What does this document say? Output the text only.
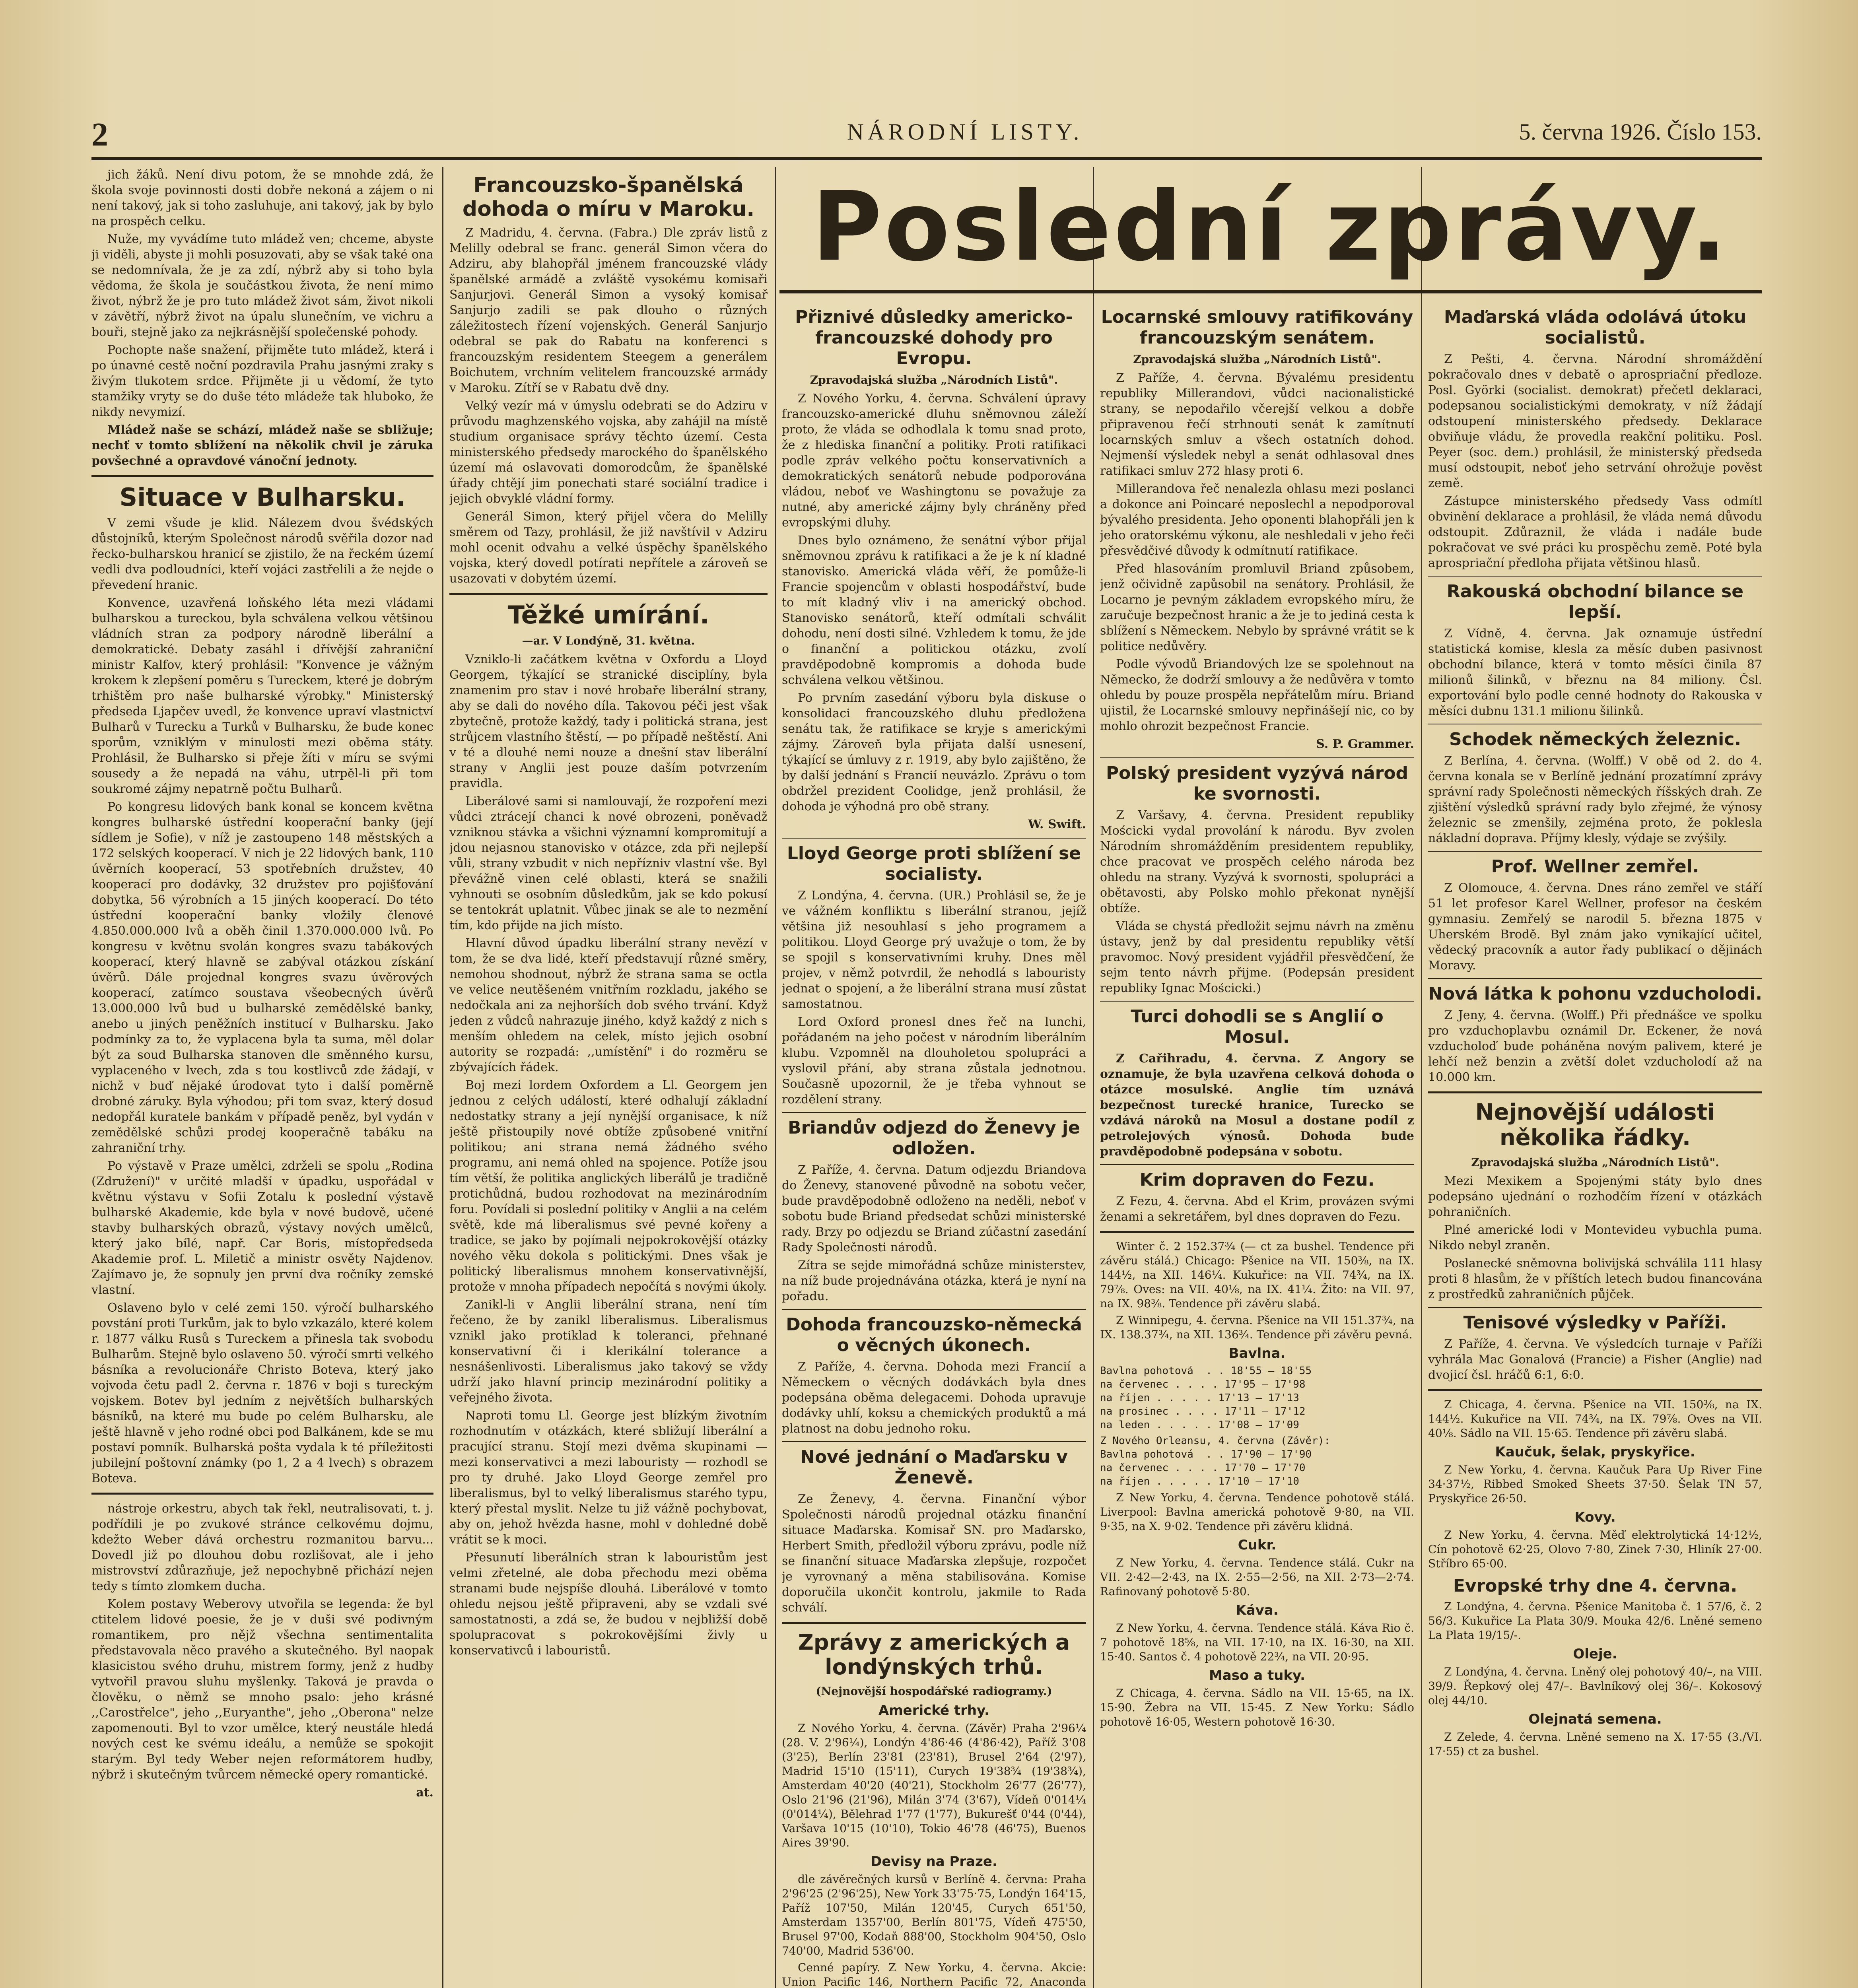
2	NÁRODNÍ LISTY.	5. června 1926. Číslo 153.

jich žáků. Není divu potom, že se mnohde zdá, že škola svoje povinnosti dosti dobře nekoná a zájem o ni není takový, jak si toho zasluhuje, ani takový, jak by bylo na prospěch celku.

Nuže, my vyvádíme tuto mládež ven; chceme, abyste ji viděli, abyste ji mohli posuzovati, aby se však také ona se nedomnívala, že je za zdí, nýbrž aby si toho byla vědoma, že škola je součástkou života, že není mimo život, nýbrž že je pro tuto mládež život sám, život nikoli v závětří, nýbrž život na úpalu slunečním, ve vichru a bouři, stejně jako za nejkrásnější společenské pohody.

Pochopte naše snažení, přijměte tuto mládež, která i po únavné cestě noční pozdravila Prahu jasnými zraky s živým tlukotem srdce. Přijměte ji u vědomí, že tyto stamžiky vryty se do duše této mládeže tak hluboko, že nikdy nevymizí.

Mládež naše se schází, mládež naše se sbližuje; nechť v tomto sblížení na několik chvil je záruka povšechné a opravdové vánoční jednoty.

Situace v Bulharsku.

V zemi všude je klid. Nálezem dvou švédských důstojníků, kterým Společnost národů svěřila dozor nad řecko-bulharskou hranicí se zjistilo, že na řeckém území vedli dva podloudníci, kteří vojáci zastřelili a že nejde o převedení hranic.

Konvence, uzavřená loňského léta mezi vládami bulharskou a tureckou, byla schválena velkou většinou vládních stran za podpory národně liberální a demokratické. Debaty zasáhl i dřívější zahraniční ministr Kalfov, který prohlásil: "Konvence je vážným krokem k zlepšení poměru s Tureckem, které je dobrým trhištěm pro naše bulharské výrobky." Ministerský předseda Ljapčev uvedl, že konvence upraví vlastnictví Bulharů v Turecku a Turků v Bulharsku, že bude konec sporům, vzniklým v minulosti mezi oběma státy. Prohlásil, že Bulharsko si přeje žíti v míru se svými sousedy a že nepadá na váhu, utrpěl-li při tom soukromé zájmy nepatrně počtu Bulharů.

Po kongresu lidových bank konal se koncem května kongres bulharské ústřední kooperační banky (její sídlem je Sofie), v níž je zastoupeno 148 městských a 172 selských kooperací. V nich je 22 lidových bank, 110 úvěrních kooperací, 53 spotřebních družstev, 40 kooperací pro dodávky, 32 družstev pro pojišťování dobytka, 56 výrobních a 15 jiných kooperací. Do této ústřední kooperační banky vložily členové 4.850.000.000 lvů a oběh činil 1.370.000.000 lvů. Po kongresu v květnu svolán kongres svazu tabákových kooperací, který hlavně se zabýval otázkou získání úvěrů. Dále projednal kongres svazu úvěrových kooperací, zatímco soustava všeobecných úvěrů 13.000.000 lvů bud u bulharské zemědělské banky, anebo u jiných peněžních institucí v Bulharsku. Jako podmínky za to, že vyplacena byla ta suma, měl dolar být za soud Bulharska stanoven dle směnného kursu, vyplaceného v lvech, zda s tou kostlivců zde žádají, v nichž v buď nějaké úrodovat tyto i další poměrně drobné záruky. Byla výhodou; při tom svaz, který dosud nedopřál kuratele bankám v případě peněz, byl vydán v zemědělské schůzi prodej kooperačně tabáku na zahraniční trhy.

Po výstavě v Praze umělci, zdrželi se spolu „Rodina (Združení)" v určité mladší v úpadku, uspořádal v květnu výstavu v Sofii Zotalu k poslední výstavě bulharské Akademie, kde byla v nové budově, učené stavby bulharských obrazů, výstavy nových umělců, který jako bílé, např. Car Boris, místopředseda Akademie prof. L. Miletič a ministr osvěty Najdenov. Zajímavo je, že sopnuly jen první dva ročníky zemské vlastní.

Oslaveno bylo v celé zemi 150. výročí bulharského povstání proti Turkům, jak to bylo vzkazálo, které kolem r. 1877 válku Rusů s Tureckem a přinesla tak svobodu Bulharům. Stejně bylo oslaveno 50. výročí smrti velkého básníka a revolucionáře Christo Boteva, který jako vojvoda četu padl 2. června r. 1876 v boji s tureckým vojskem. Botev byl jedním z největších bulharských básníků, na které mu bude po celém Bulharsku, ale ještě hlavně v jeho rodné obci pod Balkánem, kde se mu postaví pomník. Bulharská pošta vydala k té příležitosti jubilejní poštovní známky (po 1, 2 a 4 lvech) s obrazem Boteva.

nástroje orkestru, abych tak řekl, neutralisovati, t. j. podřídili je po zvukové stránce celkovému dojmu, kdežto Weber dává orchestru rozmanitou barvu... Dovedl již po dlouhou dobu rozlišovat, ale i jeho mistrovství zdůrazňuje, jež nepochybně přichází nejen tedy s tímto zlomkem ducha.

Kolem postavy Weberovy utvořila se legenda: že byl ctitelem lidové poesie, že je v duši své podivným romantikem, pro nějž všechna sentimentalita představovala něco pravého a skutečného. Byl naopak klasicistou svého druhu, mistrem formy, jenž z hudby vytvořil pravou sluhu myšlenky. Taková je pravda o člověku, o němž se mnoho psalo: jeho krásné ,,Carostřelce", jeho ,,Euryanthe", jeho ,,Oberona" nelze zapomenouti. Byl to vzor umělce, který neustále hledá nových cest ke svému ideálu, a nemůže se spokojit starým. Byl tedy Weber nejen reformátorem hudby, nýbrž i skutečným tvůrcem německé opery romantické.

at.
Francouzsko-španělská dohoda o míru v Maroku.

Z Madridu, 4. června. (Fabra.) Dle zpráv listů z Melilly odebral se franc. generál Simon včera do Adziru, aby blahopřál jménem francouzské vlády španělské armádě a zvláště vysokému komisaři Sanjurjovi. Generál Simon a vysoký komisař Sanjurjo zadili se pak dlouho o různých záležitostech řízení vojenských. Generál Sanjurjo odebral se pak do Rabatu na konferenci s francouzským residentem Steegem a generálem Boichutem, vrchním velitelem francouzské armády v Maroku. Zítří se v Rabatu dvě dny.

Velký vezír má v úmyslu odebrati se do Adziru v průvodu maghzenského vojska, aby zahájil na místě studium organisace správy těchto území. Cesta ministerského předsedy marockého do španělského území má oslavovati domorodcům, že španělské úřady chtějí jim ponechati staré sociální tradice i jejich obvyklé vládní formy.

Generál Simon, který přijel včera do Melilly směrem od Tazy, prohlásil, že již navštívil v Adziru mohl ocenit odvahu a velké úspěchy španělského vojska, který dovedl potírati nepřítele a zároveň se usazovati v dobytém území.

Těžké umírání.
—ar. V Londýně, 31. května.

Vzniklo-li začátkem května v Oxfordu a Lloyd Georgem, týkající se stranické disciplíny, byla znamenim pro stav i nové hrobaře liberální strany, aby se dali do nového díla. Takovou péči jest však zbytečně, protože každý, tady i politická strana, jest strůjcem vlastního štěstí, — po případě neštěstí. Ani v té a dlouhé nemi nouze a dnešní stav liberální strany v Anglii jest pouze daším potvrzením pravidla.

Liberálové sami si namlouvají, že rozpoření mezi vůdci ztrácejí chanci k nové obrozeni, poněvadž vzniknou stávka a všichni významní kompromitují a jdou nejasnou stanovisko v otázce, zda při nejlepší vůli, strany vzbudit v nich nepřízniv vlastní vše. Byl převážně vinen celé oblasti, která se snažili vyhnouti se osobním důsledkům, jak se kdo pokusí se tentokrát uplatnit. Vůbec jinak se ale to nezmění tím, kdo přijde na jich místo.

Hlavní důvod úpadku liberální strany nevězí v tom, že se dva lidé, kteří představují různé směry, nemohou shodnout, nýbrž že strana sama se octla ve velice neutěšeném vnitřním rozkladu, jakého se nedočkala ani za nejhorších dob svého trvání. Když jeden z vůdců nahrazuje jiného, když každý z nich s menším ohledem na celek, místo jejich osobní autority se rozpadá: ,,umístění" i do rozměru se zbývajících řádek.

Boj mezi lordem Oxfordem a Ll. Georgem jen jednou z celých událostí, které odhalují základní nedostatky strany a její nynější organisace, k níž ještě přistoupily nové obtíže způsobené vnitřní politikou; ani strana nemá žádného svého programu, ani nemá ohled na spojence. Potíže jsou tím větší, že politika anglických liberálů je tradičně protichůdná, budou rozhodovat na mezinárodním foru. Povídali si poslední politiky v Anglii a na celém světě, kde má liberalismus své pevné kořeny a tradice, se jako by pojímali nejpokrokovější otázky nového věku dokola s politickými. Dnes však je politický liberalismus mnohem konservativnější, protože v mnoha případech nepočítá s novými úkoly.

Zanikl-li v Anglii liberální strana, není tím řečeno, že by zanikl liberalismus. Liberalismus vznikl jako protiklad k toleranci, přehnané konservativní či i klerikální tolerance a nesnášenlivosti. Liberalismus jako takový se vždy udrží jako hlavní princip mezinárodní politiky a veřejného života.

Naproti tomu Ll. George jest blízkým životním rozhodnutím v otázkách, které sbližují liberální a pracující stranu. Stojí mezi dvěma skupinami — mezi konservativci a mezi labouristy — rozhodl se pro ty druhé. Jako Lloyd George zemřel pro liberalismus, byl to velký liberalismus starého typu, který přestal myslit. Nelze tu již vážně pochybovat, aby on, jehož hvězda hasne, mohl v dohledné době vrátit se k moci.

Přesunutí liberálních stran k labouristům jest velmi zřetelné, ale doba přechodu mezi oběma stranami bude nejspíše dlouhá. Liberálové v tomto ohledu nejsou ještě připraveni, aby se vzdali své samostatnosti, a zdá se, že budou v nejbližší době spolupracovat s pokrokovějšími živly u konservativců i labouristů.

Poslední zprávy.
Přiznivé důsledky americko-francouzské dohody pro Evropu.
Zpravodajská služba „Národních Listů".

Z Nového Yorku, 4. června. Schválení úpravy francouzsko-americké dluhu sněmovnou záleží proto, že vláda se odhodlala k tomu snad proto, že z hlediska finanční a politiky. Proti ratifikaci podle zpráv velkého počtu konservativních a demokratických senátorů nebude podporována vládou, neboť ve Washingtonu se považuje za nutné, aby americké zájmy byly chráněny před evropskými dluhy.

Dnes bylo oznámeno, že senátní výbor přijal sněmovnou zprávu k ratifikaci a že je k ní kladné stanovisko. Americká vláda věří, že pomůže-li Francie spojencům v oblasti hospodářství, bude to mít kladný vliv i na americký obchod. Stanovisko senátorů, kteří odmítali schválit dohodu, není dosti silné. Vzhledem k tomu, že jde o finanční a politickou otázku, zvolí pravděpodobně kompromis a dohoda bude schválena velkou většinou.

Po prvním zasedání výboru byla diskuse o konsolidaci francouzského dluhu předložena senátu tak, že ratifikace se kryje s americkými zájmy. Zároveň byla přijata další usnesení, týkající se úmluvy z r. 1919, aby bylo zajištěno, že by další jednání s Francií neuvázlo. Zprávu o tom obdržel prezident Coolidge, jenž prohlásil, že dohoda je výhodná pro obě strany.

W. Swift.
Lloyd George proti sblížení se socialisty.

Z Londýna, 4. června. (UR.) Prohlásil se, že je ve vážném konfliktu s liberální stranou, jejíž většina již nesouhlasí s jeho programem a politikou. Lloyd George prý uvažuje o tom, že by se spojil s konservativními kruhy. Dnes měl projev, v němž potvrdil, že nehodlá s labouristy jednat o spojení, a že liberální strana musí zůstat samostatnou.

Lord Oxford pronesl dnes řeč na lunchi, pořádaném na jeho počest v národním liberálním klubu. Vzpomněl na dlouholetou spolupráci a vyslovil přání, aby strana zůstala jednotnou. Současně upozornil, že je třeba vyhnout se rozdělení strany.

Briandův odjezd do Ženevy je odložen.

Z Paříže, 4. června. Datum odjezdu Briandova do Ženevy, stanovené původně na sobotu večer, bude pravděpodobně odloženo na neděli, neboť v sobotu bude Briand předsedat schůzi ministerské rady. Brzy po odjezdu se Briand zúčastní zasedání Rady Společnosti národů.

Zítra se sejde mimořádná schůze ministerstev, na níž bude projednávána otázka, která je nyní na pořadu.

Dohoda francouzsko-německá o věcných úkonech.

Z Paříže, 4. června. Dohoda mezi Francií a Německem o věcných dodávkách byla dnes podepsána oběma delegacemi. Dohoda upravuje dodávky uhlí, koksu a chemických produktů a má platnost na dobu jednoho roku.

Nové jednání o Maďarsku v Ženevě.

Ze Ženevy, 4. června. Finanční výbor Společnosti národů projednal otázku finanční situace Maďarska. Komisař SN. pro Maďarsko, Herbert Smith, předložil výboru zprávu, podle níž se finanční situace Maďarska zlepšuje, rozpočet je vyrovnaný a měna stabilisována. Komise doporučila ukončit kontrolu, jakmile to Rada schválí.

Zprávy z amerických a londýnských trhů.
(Nejnovější hospodářské radiogramy.)
Americké trhy.

Z Nového Yorku, 4. června. (Závěr) Praha 2'96¼ (28. V. 2'96¼), Londýn 4'86·46 (4'86·42), Paříž 3'08 (3'25), Berlín 23'81 (23'81), Brusel 2'64 (2'97), Madrid 15'10 (15'11), Curych 19'38¾ (19'38¾), Amsterdam 40'20 (40'21), Stockholm 26'77 (26'77), Oslo 21'96 (21'96), Milán 3'74 (3'67), Vídeň 0'014¼ (0'014¼), Bělehrad 1'77 (1'77), Bukurešť 0'44 (0'44), Varšava 10'15 (10'10), Tokio 46'78 (46'75), Buenos Aires 39'90.

Devisy na Praze.

dle závěrečných kursů v Berlíně 4. června: Praha 2'96'25 (2'96'25), New York 33'75·75, Londýn 164'15, Paříž 107'50, Milán 120'45, Curych 651'50, Amsterdam 1357'00, Berlín 801'75, Vídeň 475'50, Brusel 97'00, Kodaň 888'00, Stockholm 904'50, Oslo 740'00, Madrid 536'00.

Cenné papíry. Z New Yorku, 4. června. Akcie: Union Pacific 146, Northern Pacific 72, Anaconda

Locarnské smlouvy ratifikovány francouzským senátem.
Zpravodajská služba „Národních Listů".

Z Paříže, 4. června. Bývalému presidentu republiky Millerandovi, vůdci nacionalistické strany, se nepodařilo včerejší velkou a dobře připravenou řečí strhnouti senát k zamítnutí locarnských smluv a všech ostatních dohod. Nejmenší výsledek nebyl a senát odhlasoval dnes ratifikaci smluv 272 hlasy proti 6.

Millerandova řeč nenalezla ohlasu mezi poslanci a dokonce ani Poincaré neposlechl a nepodporoval bývalého presidenta. Jeho oponenti blahopřáli jen k jeho oratorskému výkonu, ale neshledali v jeho řeči přesvědčivé důvody k odmítnutí ratifikace.

Před hlasováním promluvil Briand způsobem, jenž očividně zapůsobil na senátory. Prohlásil, že Locarno je pevným základem evropského míru, že zaručuje bezpečnost hranic a že je to jediná cesta k sblížení s Německem. Nebylo by správné vrátit se k politice nedůvěry.

Podle vývodů Briandových lze se spolehnout na Německo, že dodrží smlouvy a že nedůvěra v tomto ohledu by pouze prospěla nepřátelům míru. Briand ujistil, že Locarnské smlouvy nepřinášejí nic, co by mohlo ohrozit bezpečnost Francie.

S. P. Grammer.
Polský president vyzývá národ ke svornosti.

Z Varšavy, 4. června. President republiky Mościcki vydal provolání k národu. Byv zvolen Národním shromážděním presidentem republiky, chce pracovat ve prospěch celého národa bez ohledu na strany. Vyzývá k svornosti, spolupráci a obětavosti, aby Polsko mohlo překonat nynější obtíže.

Vláda se chystá předložit sejmu návrh na změnu ústavy, jenž by dal presidentu republiky větší pravomoc. Nový president vyjádřil přesvědčení, že sejm tento návrh přijme. (Podepsán president republiky Ignac Mościcki.)

Turci dohodli se s Anglií o Mosul.

Z Cařihradu, 4. června. Z Angory se oznamuje, že byla uzavřena celková dohoda o otázce mosulské. Anglie tím uznává bezpečnost turecké hranice, Turecko se vzdává nároků na Mosul a dostane podíl z petrolejových výnosů. Dohoda bude pravděpodobně podepsána v sobotu.

Krim dopraven do Fezu.

Z Fezu, 4. června. Abd el Krim, provázen svými ženami a sekretářem, byl dnes dopraven do Fezu.

Winter č. 2 152.37¾ (— ct za bushel. Tendence při závěru stálá.) Chicago: Pšenice na VII. 150⅜, na IX. 144½, na XII. 146¼. Kukuřice: na VII. 74¾, na IX. 79⅞. Oves: na VII. 40⅛, na IX. 41¼. Žito: na VII. 97, na IX. 98⅜. Tendence při závěru slabá.

Z Winnipegu, 4. června. Pšenice na VII 151.37¾, na IX. 138.37¾, na XII. 136¾. Tendence při závěru pevná.

Bavlna.
Bavlna pohotová  . . 18'55 — 18'55
na červenec . . . . 17'95 — 17'98
na říjen . . . . . 17'13 — 17'13
na prosinec . . . . 17'11 — 17'12
na leden . . . . . 17'08 — 17'09
Z Nového Orleansu, 4. června (Závěr):
Bavlna pohotová  . . 17'90 — 17'90
na červenec . . . . 17'70 — 17'70
na říjen . . . . . 17'10 — 17'10

Z New Yorku, 4. června. Tendence pohotově stálá. Liverpool: Bavlna americká pohotově 9·80, na VII. 9·35, na X. 9·02. Tendence při závěru klidná.

Cukr.

Z New Yorku, 4. června. Tendence stálá. Cukr na VII. 2·42—2·43, na IX. 2·55—2·56, na XII. 2·73—2·74. Rafinovaný pohotově 5·80.

Káva.

Z New Yorku, 4. června. Tendence stálá. Káva Rio č. 7 pohotově 18⅝, na VII. 17·10, na IX. 16·30, na XII. 15·40. Santos č. 4 pohotově 22¾, na VII. 20·95.

Maso a tuky.

Z Chicaga, 4. června. Sádlo na VII. 15·65, na IX. 15·90. Žebra na VII. 15·45. Z New Yorku: Sádlo pohotově 16·05, Western pohotově 16·30.

Maďarská vláda odolává útoku socialistů.

Z Pešti, 4. června. Národní shromáždění pokračovalo dnes v debatě o aprospriační předloze. Posl. Györki (socialist. demokrat) přečetl deklaraci, podepsanou socialistickými demokraty, v níž žádají odstoupení ministerského předsedy. Deklarace obviňuje vládu, že provedla reakční politiku. Posl. Peyer (soc. dem.) prohlásil, že ministerský předseda musí odstoupit, neboť jeho setrvání ohrožuje pověst země.

Zástupce ministerského předsedy Vass odmítl obvinění deklarace a prohlásil, že vláda nemá důvodu odstoupit. Zdůraznil, že vláda i nadále bude pokračovat ve své práci ku prospěchu země. Poté byla aprospriační předloha přijata většinou hlasů.

Rakouská obchodní bilance se lepší.

Z Vídně, 4. června. Jak oznamuje ústřední statistická komise, klesla za měsíc duben pasivnost obchodní bilance, která v tomto měsíci činila 87 milionů šilinků, v březnu na 84 miliony. Čsl. exportování bylo podle cenné hodnoty do Rakouska v měsíci dubnu 131.1 milionu šilinků.

Schodek německých železnic.

Z Berlína, 4. června. (Wolff.) V obě od 2. do 4. června konala se v Berlíně jednání prozatímní zprávy správní rady Společnosti německých říšských drah. Ze zjištění výsledků správní rady bylo zřejmé, že výnosy železnic se zmenšily, zejména proto, že poklesla nákladní doprava. Příjmy klesly, výdaje se zvýšily.

Prof. Wellner zemřel.

Z Olomouce, 4. června. Dnes ráno zemřel ve stáří 51 let profesor Karel Wellner, profesor na českém gymnasiu. Zemřelý se narodil 5. března 1875 v Uherském Brodě. Byl znám jako vynikající učitel, vědecký pracovník a autor řady publikací o dějinách Moravy.

Nová látka k pohonu vzducholodi.

Z Jeny, 4. června. (Wolff.) Při přednášce ve spolku pro vzduchoplavbu oznámil Dr. Eckener, že nová vzducholoď bude poháněna novým palivem, které je lehčí než benzin a zvětší dolet vzducholodí až na 10.000 km.

Nejnovější události několika řádky.
Zpravodajská služba „Národních Listů".

Mezi Mexikem a Spojenými státy bylo dnes podepsáno ujednání o rozhodčím řízení v otázkách pohraničních.

Plné americké lodi v Montevideu vybuchla puma. Nikdo nebyl zraněn.

Poslanecké sněmovna bolivijská schválila 111 hlasy proti 8 hlasům, že v příštích letech budou financována z prostředků zahraničních půjček.

Tenisové výsledky v Paříži.

Z Paříže, 4. června. Ve výsledcích turnaje v Paříži vyhrála Mac Gonalová (Francie) a Fisher (Anglie) nad dvojicí čsl. hráčů 6:1, 6:0.

Z Chicaga, 4. června. Pšenice na VII. 150⅜, na IX. 144½. Kukuřice na VII. 74¾, na IX. 79⅞. Oves na VII. 40⅛. Sádlo na VII. 15·65. Tendence při závěru slabá.

Kaučuk, šelak, pryskyřice.

Z New Yorku, 4. června. Kaučuk Para Up River Fine 34·37½, Ribbed Smoked Sheets 37·50. Šelak TN 57, Pryskyřice 26·50.

Kovy.

Z New Yorku, 4. června. Měď elektrolytická 14·12½, Cín pohotově 62·25, Olovo 7·80, Zinek 7·30, Hliník 27·00. Stříbro 65·00.

Evropské trhy dne 4. června.

Z Londýna, 4. června. Pšenice Manitoba č. 1 57/6, č. 2 56/3. Kukuřice La Plata 30/9. Mouka 42/6. Lněné semeno La Plata 19/15/-.

Oleje.

Z Londýna, 4. června. Lněný olej pohotový 40/–, na VIII. 39/9. Řepkový olej 47/–. Bavlníkový olej 36/–. Kokosový olej 44/10.

Olejnatá semena.

Z Zelede, 4. června. Lněné semeno na X. 17·55 (3./VI. 17·55) ct za bushel.
